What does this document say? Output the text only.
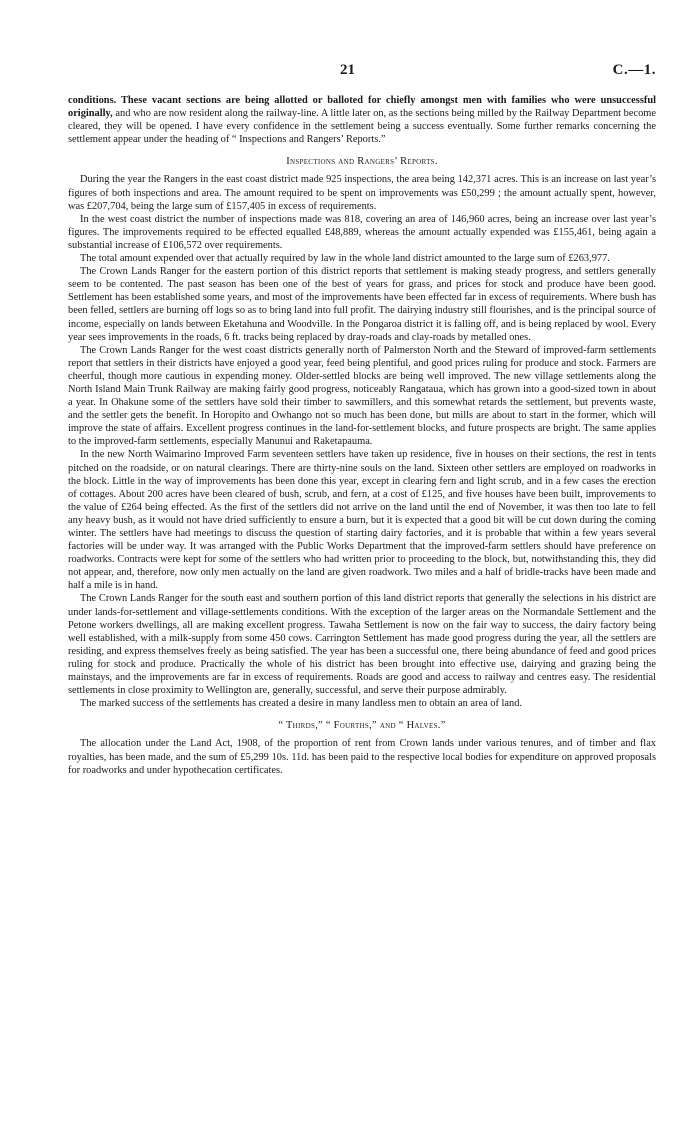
21	C.—1.

conditions. These vacant sections are being allotted or balloted for chiefly amongst men with families who were unsuccessful originally, and who are now resident along the railway-line. A little later on, as the sections being milled by the Railway Department become cleared, they will be opened. I have every confidence in the settlement being a success eventually. Some further remarks concerning the settlement appear under the heading of “ Inspections and Rangers’ Reports.”

Inspections and Rangers’ Reports.

During the year the Rangers in the east coast district made 925 inspections, the area being 142,371 acres. This is an increase on last year’s figures of both inspections and area. The amount required to be spent on improvements was £50,299 ; the amount actually spent, however, was £207,704, being the large sum of £157,405 in excess of requirements.

In the west coast district the number of inspections made was 818, covering an area of 146,960 acres, being an increase over last year’s figures. The improvements required to be effected equalled £48,889, whereas the amount actually expended was £155,461, being again a substantial increase of £106,572 over requirements.

The total amount expended over that actually required by law in the whole land district amounted to the large sum of £263,977.

The Crown Lands Ranger for the eastern portion of this district reports that settlement is making steady progress, and settlers generally seem to be contented. The past season has been one of the best of years for grass, and prices for stock and produce have been good. Settlement has been established some years, and most of the improvements have been effected far in excess of requirements. Where bush has been felled, settlers are burning off logs so as to bring land into full profit. The dairying industry still flourishes, and is the principal source of income, especially on lands between Eketahuna and Woodville. In the Pongaroa district it is falling off, and is being replaced by wool. Every year sees improvements in the roads, 6 ft. tracks being replaced by dray-roads and clay-roads by metalled ones.

The Crown Lands Ranger for the west coast districts generally north of Palmerston North and the Steward of improved-farm settlements report that settlers in their districts have enjoyed a good year, feed being plentiful, and good prices ruling for produce and stock. Farmers are cheerful, though more cautious in expending money. Older-settled blocks are being well improved. The new village settlements along the North Island Main Trunk Railway are making fairly good progress, noticeably Rangataua, which has grown into a good-sized town in about a year. In Ohakune some of the settlers have sold their timber to sawmillers, and this somewhat retards the settlement, but prevents waste, and the settler gets the benefit. In Horopito and Owhango not so much has been done, but mills are about to start in the former, which will improve the state of affairs. Excellent progress continues in the land-for-settlement blocks, and future prospects are bright. The same applies to the improved-farm settlements, especially Manunui and Raketapauma.

In the new North Waimarino Improved Farm seventeen settlers have taken up residence, five in houses on their sections, the rest in tents pitched on the roadside, or on natural clearings. There are thirty-nine souls on the land. Sixteen other settlers are employed on roadworks in the block. Little in the way of improvements has been done this year, except in clearing fern and light scrub, and in a few cases the erection of cottages. About 200 acres have been cleared of bush, scrub, and fern, at a cost of £125, and five houses have been built, improvements to the value of £264 being effected. As the first of the settlers did not arrive on the land until the end of November, it was then too late to fell any heavy bush, as it would not have dried sufficiently to ensure a burn, but it is expected that a good bit will be cut down during the coming winter. The settlers have had meetings to discuss the question of starting dairy factories, and it is probable that within a few years several factories will be under way. It was arranged with the Public Works Department that the improved-farm settlers should have preference on roadworks. Contracts were kept for some of the settlers who had written prior to proceeding to the block, but, notwithstanding this, they did not appear, and, therefore, now only men actually on the land are given roadwork. Two miles and a half of bridle-tracks have been made and half a mile is in hand.

The Crown Lands Ranger for the south east and southern portion of this land district reports that generally the selections in his district are under lands-for-settlement and village-settlements conditions. With the exception of the larger areas on the Normandale Settlement and the Petone workers dwellings, all are making excellent progress. Tawaha Settlement is now on the fair way to success, the dairy factory being well established, with a milk-supply from some 450 cows. Carrington Settlement has made good progress during the year, all the settlers are residing, and express themselves freely as being satisfied. The year has been a successful one, there being abundance of feed and good prices ruling for stock and produce. Practically the whole of his district has been brought into effective use, dairying and grazing being the mainstays, and the improvements are far in excess of requirements. Roads are good and access to railway and centres easy. The residential settlements in close proximity to Wellington are, generally, successful, and serve their purpose admirably.

The marked success of the settlements has created a desire in many landless men to obtain an area of land.

“ Thirds,” “ Fourths,” and “ Halves.”

The allocation under the Land Act, 1908, of the proportion of rent from Crown lands under various tenures, and of timber and flax royalties, has been made, and the sum of £5,299 10s. 11d. has been paid to the respective local bodies for expenditure on approved proposals for roadworks and under hypothecation certificates.
